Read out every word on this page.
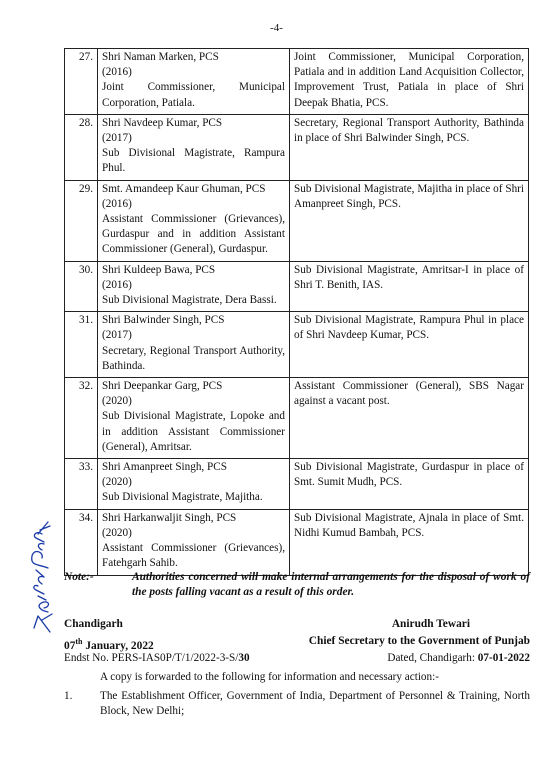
-4-
27.	Shri Naman Marken, PCS
(2016)
Joint Commissioner, Municipal Corporation, Patiala.	Joint Commissioner, Municipal Corporation, Patiala and in addition Land Acquisition Collector, Improvement Trust, Patiala in place of Shri Deepak Bhatia, PCS.
28.	Shri Navdeep Kumar, PCS
(2017)
Sub Divisional Magistrate, Rampura Phul.	Secretary, Regional Transport Authority, Bathinda in place of Shri Balwinder Singh, PCS.
29.	Smt. Amandeep Kaur Ghuman, PCS
(2016)
Assistant Commissioner (Grievances), Gurdaspur and in addition Assistant Commissioner (General), Gurdaspur.	Sub Divisional Magistrate, Majitha in place of Shri Amanpreet Singh, PCS.
30.	Shri Kuldeep Bawa, PCS
(2016)
Sub Divisional Magistrate, Dera Bassi.	Sub Divisional Magistrate, Amritsar-I in place of Shri T. Benith, IAS.
31.	Shri Balwinder Singh, PCS
(2017)
Secretary, Regional Transport Authority, Bathinda.	Sub Divisional Magistrate, Rampura Phul in place of Shri Navdeep Kumar, PCS.
32.	Shri Deepankar Garg, PCS
(2020)
Sub Divisional Magistrate, Lopoke and in addition Assistant Commissioner (General), Amritsar.	Assistant Commissioner (General), SBS Nagar against a vacant post.
33.	Shri Amanpreet Singh, PCS
(2020)
Sub Divisional Magistrate, Majitha.	Sub Divisional Magistrate, Gurdaspur in place of Smt. Sumit Mudh, PCS.
34.	Shri Harkanwaljit Singh, PCS
(2020)
Assistant Commissioner (Grievances), Fatehgarh Sahib.	Sub Divisional Magistrate, Ajnala in place of Smt. Nidhi Kumud Bambah, PCS.
Note:-	Authorities concerned will make internal arrangements for the disposal of work of the posts falling vacant as a result of this order.
Chandigarh
07th January, 2022
Anirudh Tewari
Chief Secretary to the Government of Punjab
Endst No. PERS-IAS0P/T/1/2022-3-S/30	Dated, Chandigarh: 07-01-2022
A copy is forwarded to the following for information and necessary action:-
1. The Establishment Officer, Government of India, Department of Personnel & Training, North Block, New Delhi;
